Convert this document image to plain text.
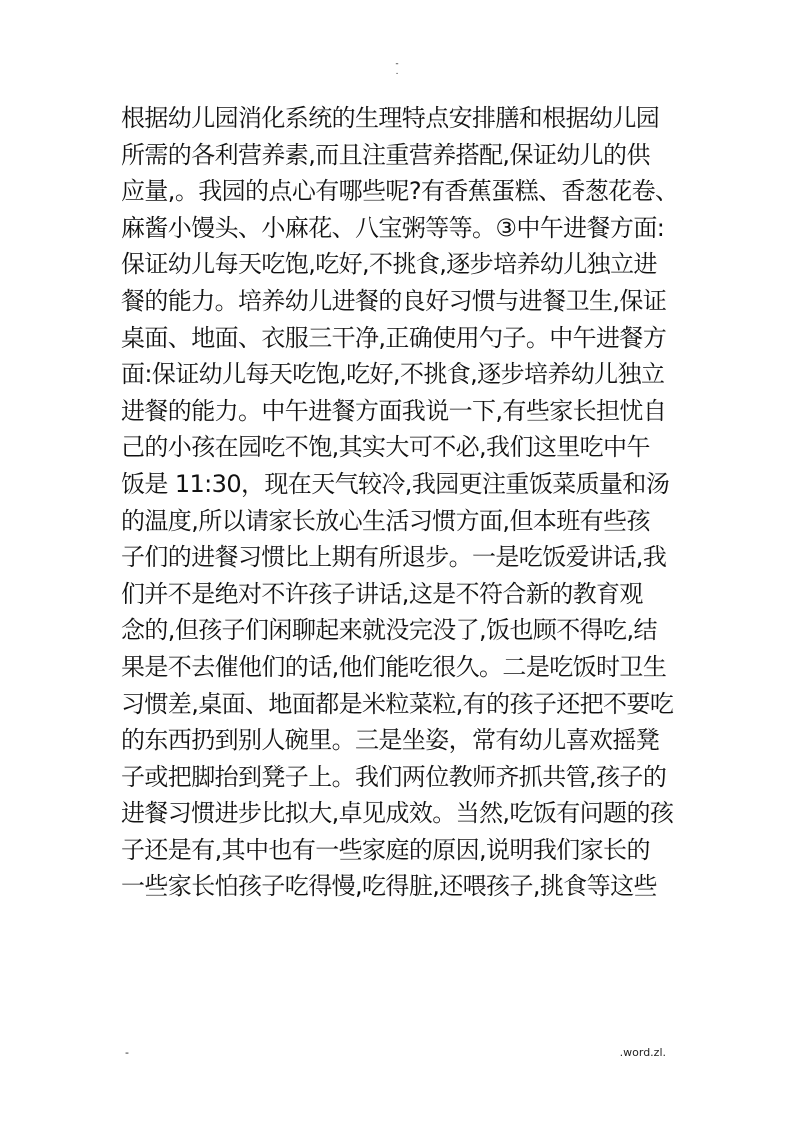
-
.
根据幼儿园消化系统的生理特点安排膳和根据幼儿园
所需的各利营养素,而且注重营养搭配,保证幼儿的供
应量,。我园的点心有哪些呢?有香蕉蛋糕、香葱花卷、
麻酱小馒头、小麻花、八宝粥等等。③中午进餐方面:
保证幼儿每天吃饱,吃好,不挑食,逐步培养幼儿独立进
餐的能力。培养幼儿进餐的良好习惯与进餐卫生,保证
桌面、地面、衣服三干净,正确使用勺子。中午进餐方
面:保证幼儿每天吃饱,吃好,不挑食,逐步培养幼儿独立
进餐的能力。中午进餐方面我说一下,有些家长担忧自
己的小孩在园吃不饱,其实大可不必,我们这里吃中午
饭是 11:30，现在天气较冷,我园更注重饭菜质量和汤
的温度,所以请家长放心生活习惯方面,但本班有些孩
子们的进餐习惯比上期有所退步。一是吃饭爱讲话,我
们并不是绝对不许孩子讲话,这是不符合新的教育观
念的,但孩子们闲聊起来就没完没了,饭也顾不得吃,结
果是不去催他们的话,他们能吃很久。二是吃饭时卫生
习惯差,桌面、地面都是米粒菜粒,有的孩子还把不要吃
的东西扔到别人碗里。三是坐姿，常有幼儿喜欢摇凳
子或把脚抬到凳子上。我们两位教师齐抓共管,孩子的
进餐习惯进步比拟大,卓见成效。当然,吃饭有问题的孩
子还是有,其中也有一些家庭的原因,说明我们家长的
一些家长怕孩子吃得慢,吃得脏,还喂孩子,挑食等这些
-	.word.zl.
